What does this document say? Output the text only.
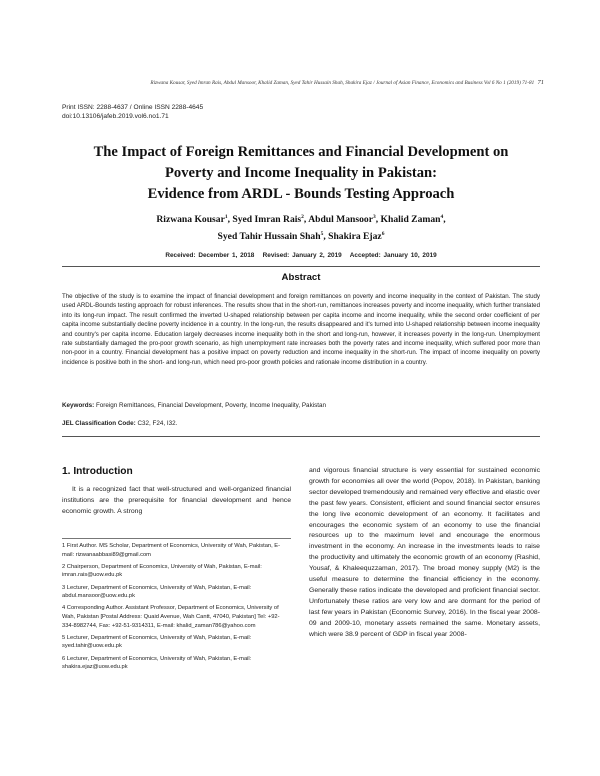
Rizwana Kousar, Syed Imran Rais, Abdul Mansoor, Khalid Zaman, Syed Tahir Hussain Shah, Shakira Ejaz / Journal of Asian Finance, Economics and Business Vol 6 No 1 (2019) 71-81 71
Print ISSN: 2288-4637 / Online ISSN 2288-4645
doi:10.13106/jafeb.2019.vol6.no1.71
The Impact of Foreign Remittances and Financial Development on
Poverty and Income Inequality in Pakistan:
Evidence from ARDL - Bounds Testing Approach
Rizwana Kousar$^1$, Syed Imran Rais$^2$, Abdul Mansoor$^3$, Khalid Zaman$^4$,
Syed Tahir Hussain Shah$^5$, Shakira Ejaz$^6$
Received: December 1, 2018 Revised: January 2, 2019 Accepted: January 10, 2019
Abstract
The objective of the study is to examine the impact of financial development and foreign remittances on poverty and income inequality in the context of Pakistan. The study used ARDL-Bounds testing approach for robust inferences. The results show that in the short-run, remittances increases poverty and income inequality, which further translated into its long-run impact. The result confirmed the inverted U-shaped relationship between per capita income and income inequality, while the second order coefficient of per capita income substantially decline poverty incidence in a country. In the long-run, the results disappeared and it's turned into U-shaped relationship between income inequality and country's per capita income. Education largely decreases income inequality both in the short and long-run, however, it increases poverty in the long-run. Unemployment rate substantially damaged the pro-poor growth scenario, as high unemployment rate increases both the poverty rates and income inequality, which suffered poor more than non-poor in a country. Financial development has a positive impact on poverty reduction and income inequality in the short-run. The impact of income inequality on poverty incidence is positive both in the short- and long-run, which need pro-poor growth policies and rationale income distribution in a country.
Keywords: Foreign Remittances, Financial Development, Poverty, Income Inequality, Pakistan
JEL Classification Code: C32, F24, I32.
1. Introduction

It is a recognized fact that well-structured and well-organized financial institutions are the prerequisite for financial development and hence economic growth. A strong

1 First Author. MS Scholar, Department of Economics, University of Wah, Pakistan, E-mail: rizwanaabbasi89@gmail.com

2 Chairperson, Department of Economics, University of Wah, Pakistan, E-mail: imran.rais@uow.edu.pk

3 Lecturer, Department of Economics, University of Wah, Pakistan, E-mail: abdul.mansoor@uow.edu.pk

4 Corresponding Author. Assistant Professor, Department of Economics, University of Wah, Pakistan [Postal Address: Quaid Avenue, Wah Cantt, 47040, Pakistan] Tel: +92-334-8982744, Fax: +92-51-9314311, E-mail: khalid_zaman786@yahoo.com

5 Lecturer, Department of Economics, University of Wah, Pakistan, E-mail: syed.tahir@uow.edu.pk

6 Lecturer, Department of Economics, University of Wah, Pakistan, E-mail: shakira.ejaz@uow.edu.pk

and vigorous financial structure is very essential for sustained economic growth for economies all over the world (Popov, 2018). In Pakistan, banking sector developed tremendously and remained very effective and elastic over the past few years. Consistent, efficient and sound financial sector ensures the long live economic development of an economy. It facilitates and encourages the economic system of an economy to use the financial resources up to the maximum level and encourage the enormous investment in the economy. An increase in the investments leads to raise the productivity and ultimately the economic growth of an economy (Rashid, Yousaf, & Khaleequzzaman, 2017). The broad money supply (M2) is the useful measure to determine the financial efficiency in the economy. Generally these ratios indicate the developed and proficient financial sector. Unfortunately these ratios are very low and are dormant for the period of last few years in Pakistan (Economic Survey, 2016). In the fiscal year 2008-09 and 2009-10, monetary assets remained the same. Monetary assets, which were 38.9 percent of GDP in fiscal year 2008-
